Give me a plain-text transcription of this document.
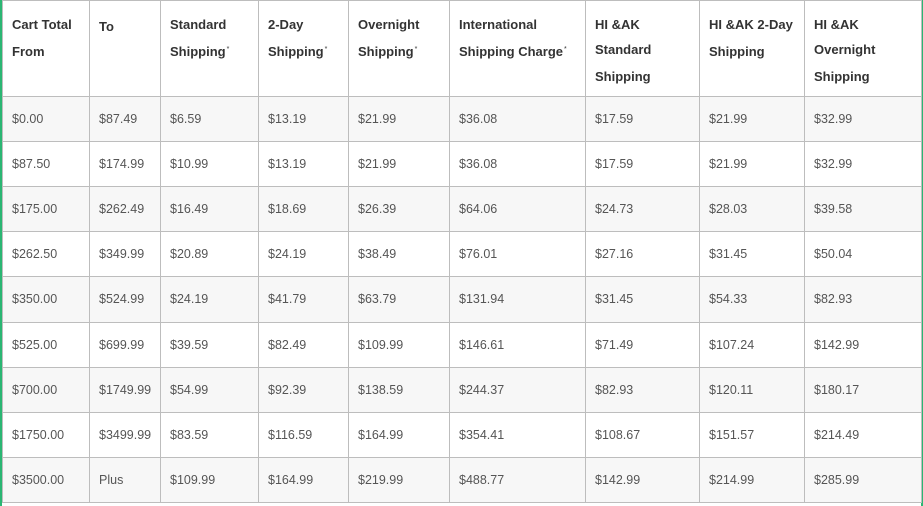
Cart Total From	To	Standard Shipping*	2-Day Shipping*	Overnight Shipping*	International Shipping Charge*	HI &AK Standard Shipping	HI &AK 2-Day Shipping	HI &AK Overnight Shipping
$0.00	$87.49	$6.59	$13.19	$21.99	$36.08	$17.59	$21.99	$32.99
$87.50	$174.99	$10.99	$13.19	$21.99	$36.08	$17.59	$21.99	$32.99
$175.00	$262.49	$16.49	$18.69	$26.39	$64.06	$24.73	$28.03	$39.58
$262.50	$349.99	$20.89	$24.19	$38.49	$76.01	$27.16	$31.45	$50.04
$350.00	$524.99	$24.19	$41.79	$63.79	$131.94	$31.45	$54.33	$82.93
$525.00	$699.99	$39.59	$82.49	$109.99	$146.61	$71.49	$107.24	$142.99
$700.00	$1749.99	$54.99	$92.39	$138.59	$244.37	$82.93	$120.11	$180.17
$1750.00	$3499.99	$83.59	$116.59	$164.99	$354.41	$108.67	$151.57	$214.49
$3500.00	Plus	$109.99	$164.99	$219.99	$488.77	$142.99	$214.99	$285.99
